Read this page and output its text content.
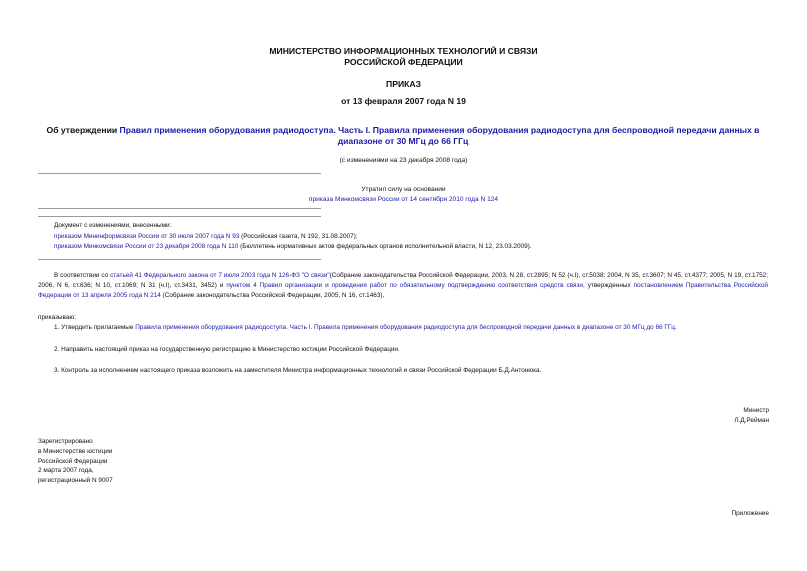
МИНИСТЕРСТВО ИНФОРМАЦИОННЫХ ТЕХНОЛОГИЙ И СВЯЗИ
РОССИЙСКОЙ ФЕДЕРАЦИИ
ПРИКАЗ
от 13 февраля 2007 года N 19
Об утверждении Правил применения оборудования радиодоступа. Часть I. Правила применения оборудования радиодоступа для беспроводной передачи данных в диапазоне от 30 МГц до 66 ГГц
(с изменениями на 23 декабря 2008 года)
Утратил силу на основании
приказа Минкомсвязи России от 14 сентября 2010 года N 124
Документ с изменениями, внесенными:
приказом Мининформсвязи России от 30 июля 2007 года N 93 (Российская газета, N 192, 31.08.2007);
приказом Минкомсвязи России от 23 декабря 2008 года N 110 (Бюллетень нормативных актов федеральных органов исполнительной власти, N 12, 23.03.2009).
В соответствии со статьей 41 Федерального закона от 7 июля 2003 года N 126-ФЗ "О связи"(Собрание законодательства Российской Федерации, 2003, N 28, ст.2895; N 52 (ч.I), ст.5038; 2004, N 35, ст.3607; N 45, ст.4377; 2005, N 19, ст.1752; 2006, N 6, ст.636; N 10, ст.1069; N 31 (ч.I), ст.3431, 3452) и пунктом 4 Правил организации и проведения работ по обязательному подтверждению соответствия средств связи, утвержденных постановлением Правительства Российской Федерации от 13 апреля 2005 года N 214 (Собрание законодательства Российской Федерации, 2005, N 16, ст.1463),
приказываю:
1. Утвердить прилагаемые Правила применения оборудования радиодоступа. Часть I. Правила применения оборудования радиодоступа для беспроводной передачи данных в диапазоне от 30 МГц до 66 ГГц.
2. Направить настоящий приказ на государственную регистрацию в Министерство юстиции Российской Федерации.
3. Контроль за исполнением настоящего приказа возложить на заместителя Министра информационных технологий и связи Российской Федерации Б.Д.Антонюка.
Министр
Л.Д.Рейман
Зарегистрировано
в Министерстве юстиции
Российской Федерации
2 марта 2007 года,
регистрационный N 9007
Приложение
